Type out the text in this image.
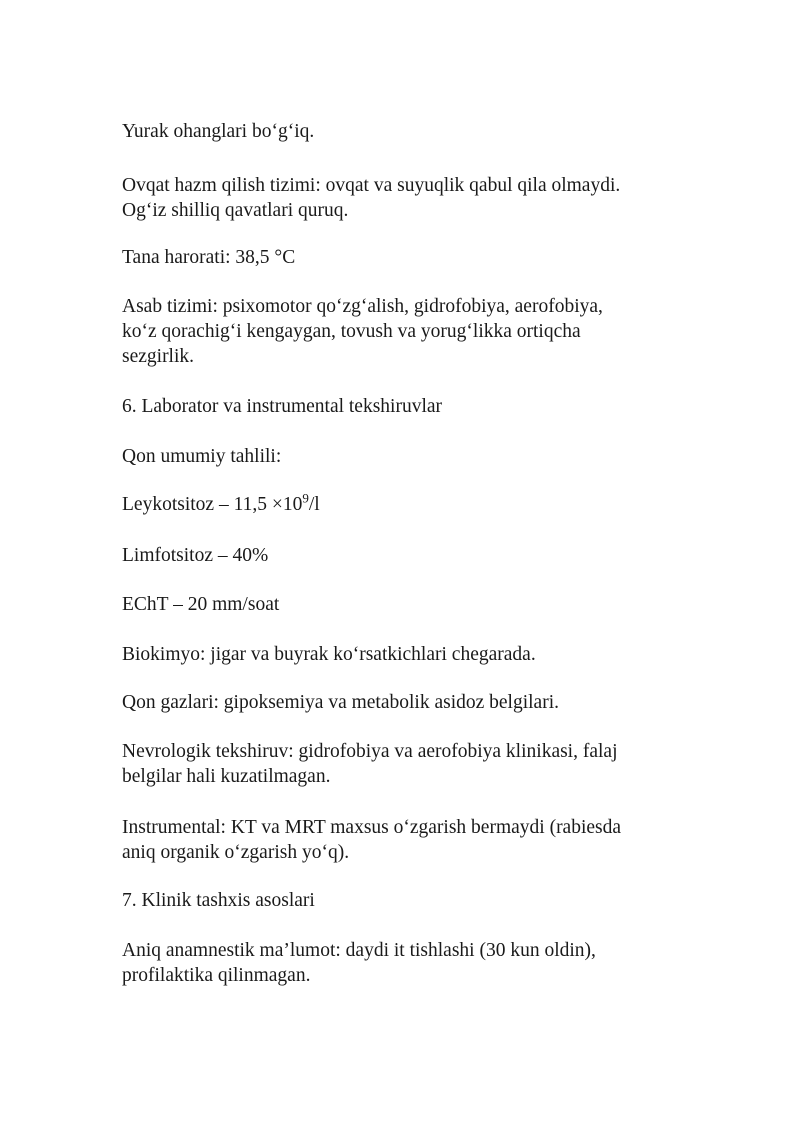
Yurak ohanglari bo‘g‘iq.

Ovqat hazm qilish tizimi: ovqat va suyuqlik qabul qila olmaydi.
Og‘iz shilliq qavatlari quruq.

Tana harorati: 38,5 °C

Asab tizimi: psixomotor qo‘zg‘alish, gidrofobiya, aerofobiya,
ko‘z qorachig‘i kengaygan, tovush va yorug‘likka ortiqcha
sezgirlik.

6. Laborator va instrumental tekshiruvlar

Qon umumiy tahlili:

Leykotsitoz – $11,5 \times 10^9/l$

Limfotsitoz – 40%

EChT – 20 mm/soat

Biokimyo: jigar va buyrak ko‘rsatkichlari chegarada.

Qon gazlari: gipoksemiya va metabolik asidoz belgilari.

Nevrologik tekshiruv: gidrofobiya va aerofobiya klinikasi, falaj
belgilar hali kuzatilmagan.

Instrumental: KT va MRT maxsus o‘zgarish bermaydi (rabiesda
aniq organik o‘zgarish yo‘q).

7. Klinik tashxis asoslari

Aniq anamnestik ma’lumot: daydi it tishlashi (30 kun oldin),
profilaktika qilinmagan.
